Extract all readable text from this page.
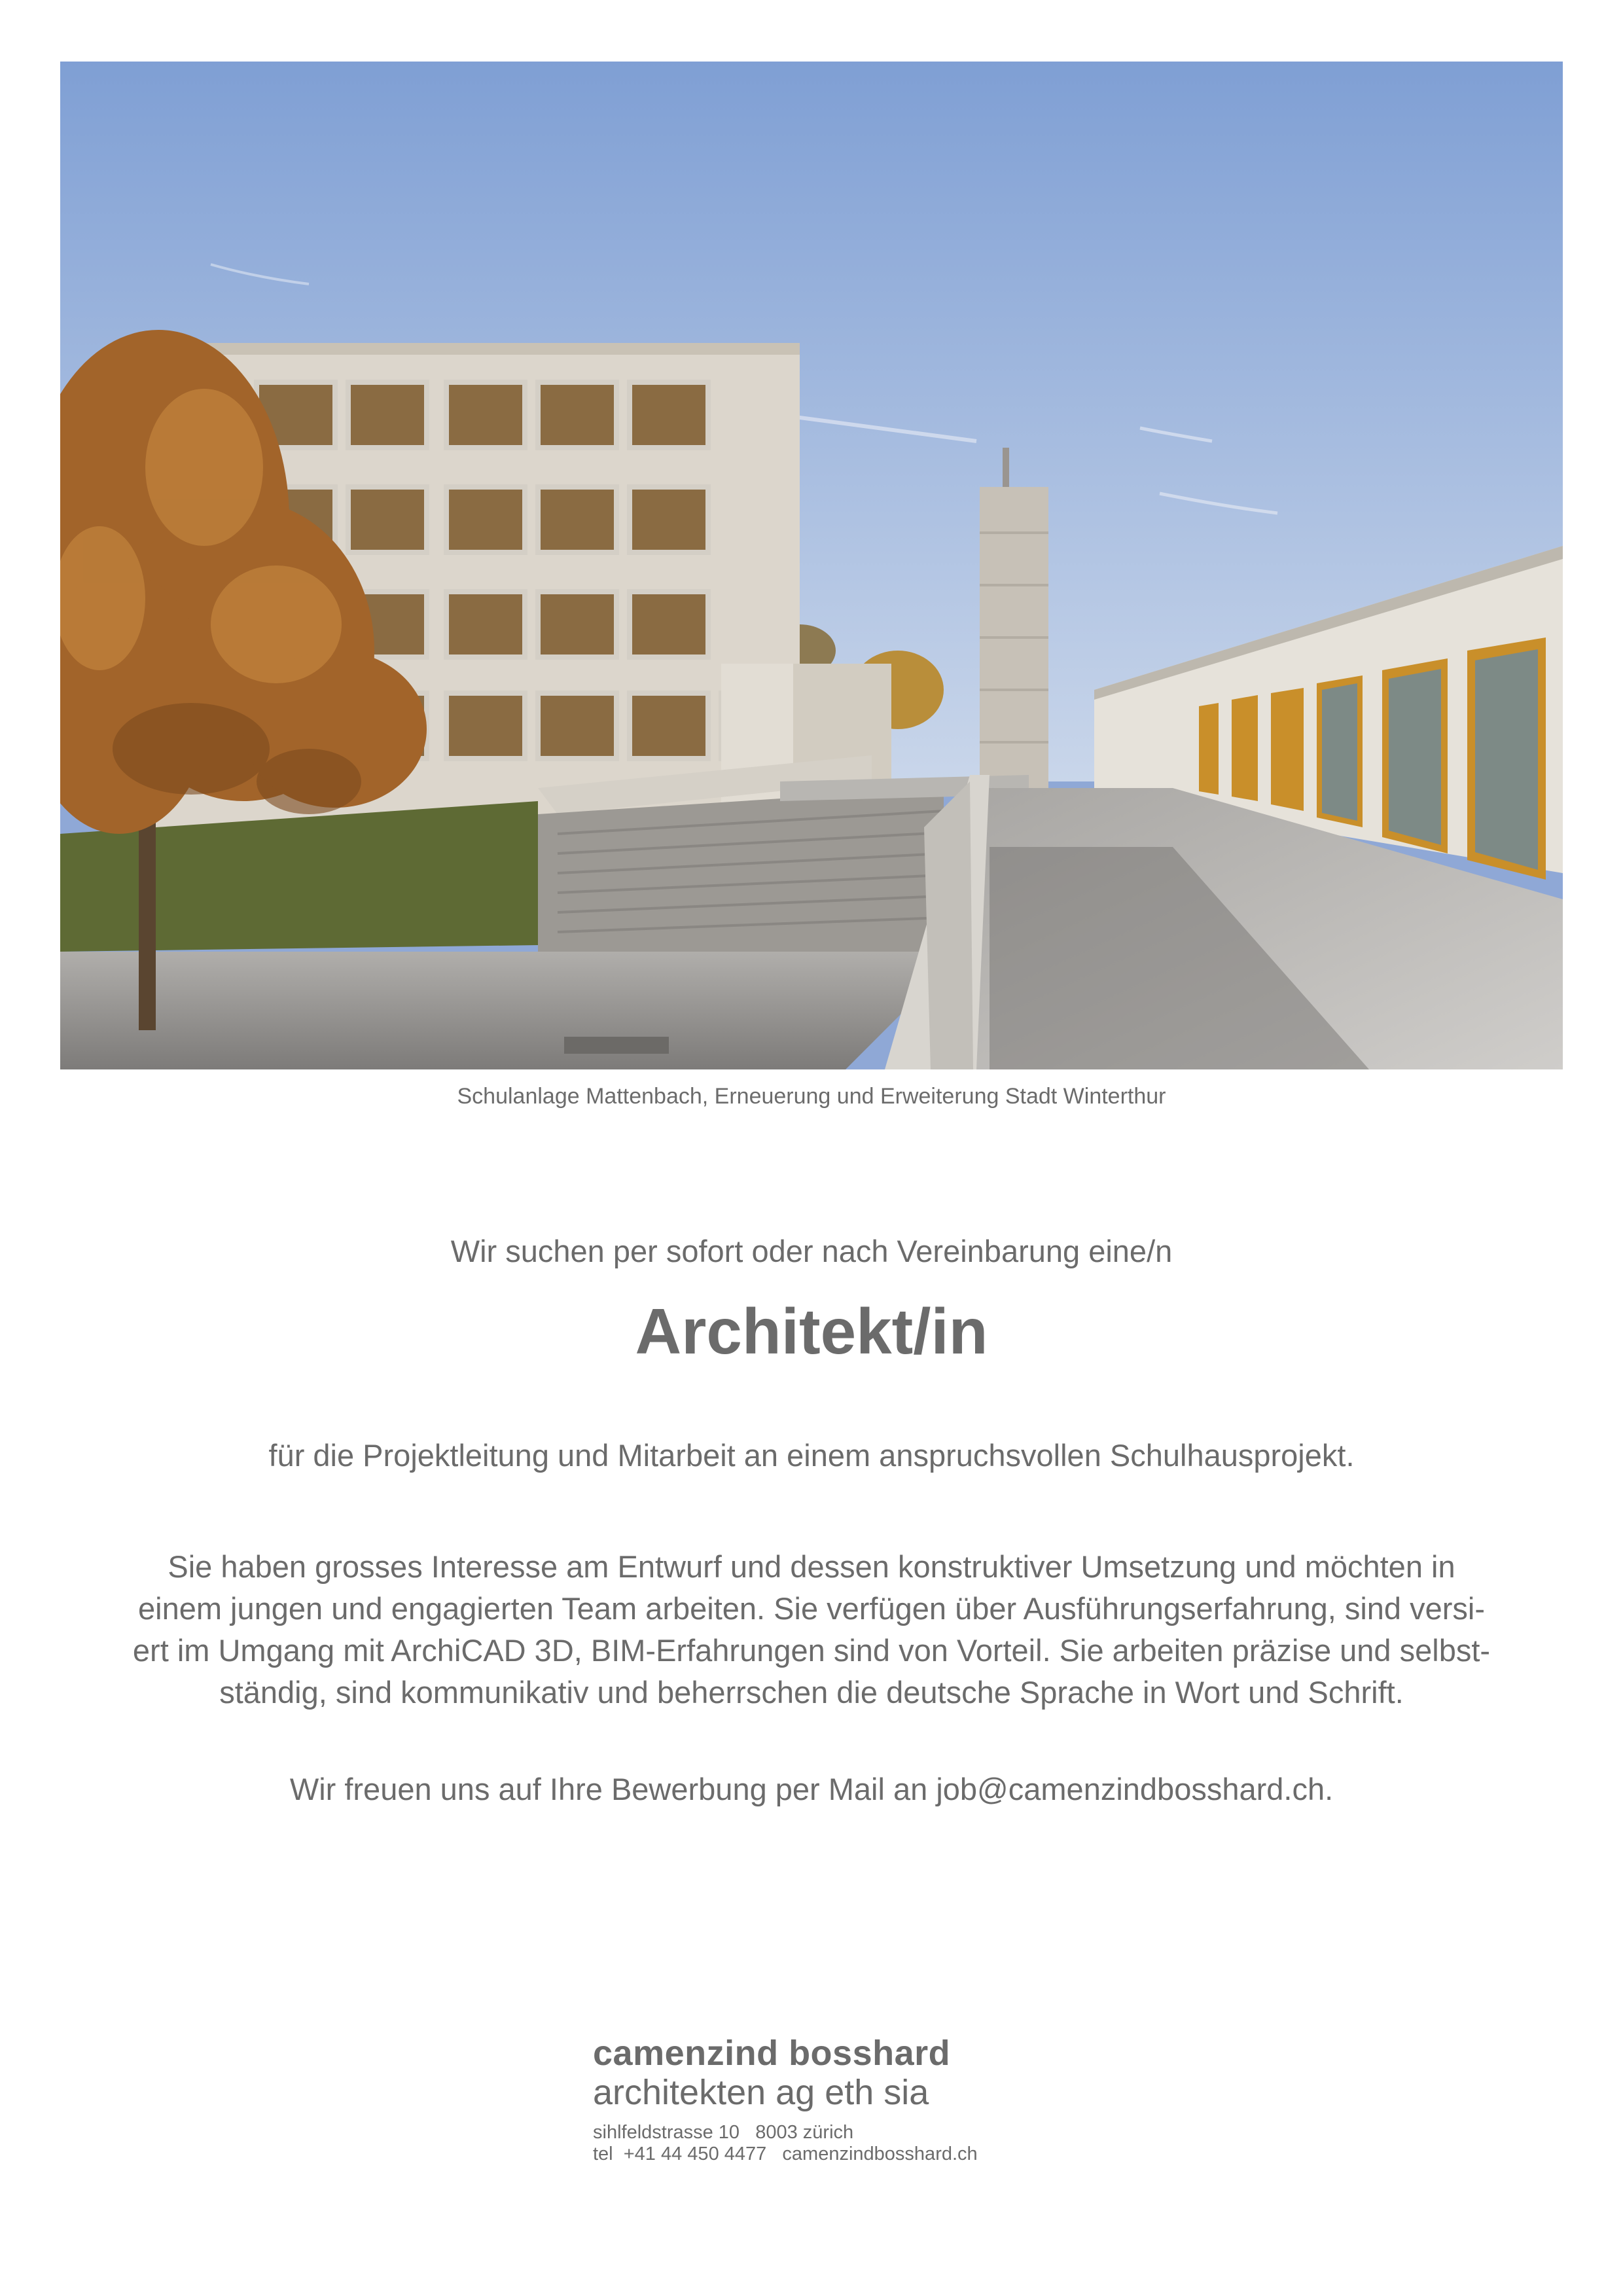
Schulanlage Mattenbach, Erneuerung und Erweiterung Stadt Winterthur
Wir suchen per sofort oder nach Vereinbarung eine/n
Architekt/in
für die Projektleitung und Mitarbeit an einem anspruchsvollen Schulhausprojekt.
Sie haben grosses Interesse am Entwurf und dessen konstruktiver Umsetzung und möchten in
einem jungen und engagierten Team arbeiten. Sie verfügen über Ausführungserfahrung, sind versi-
ert im Umgang mit ArchiCAD 3D, BIM-Erfahrungen sind von Vorteil. Sie arbeiten präzise und selbst-
ständig, sind kommunikativ und beherrschen die deutsche Sprache in Wort und Schrift.
Wir freuen uns auf Ihre Bewerbung per Mail an job@camenzindbosshard.ch.
camenzind bosshard
architekten ag eth sia
sihlfeldstrasse 10   8003 zürich
tel  +41 44 450 4477   camenzindbosshard.ch
